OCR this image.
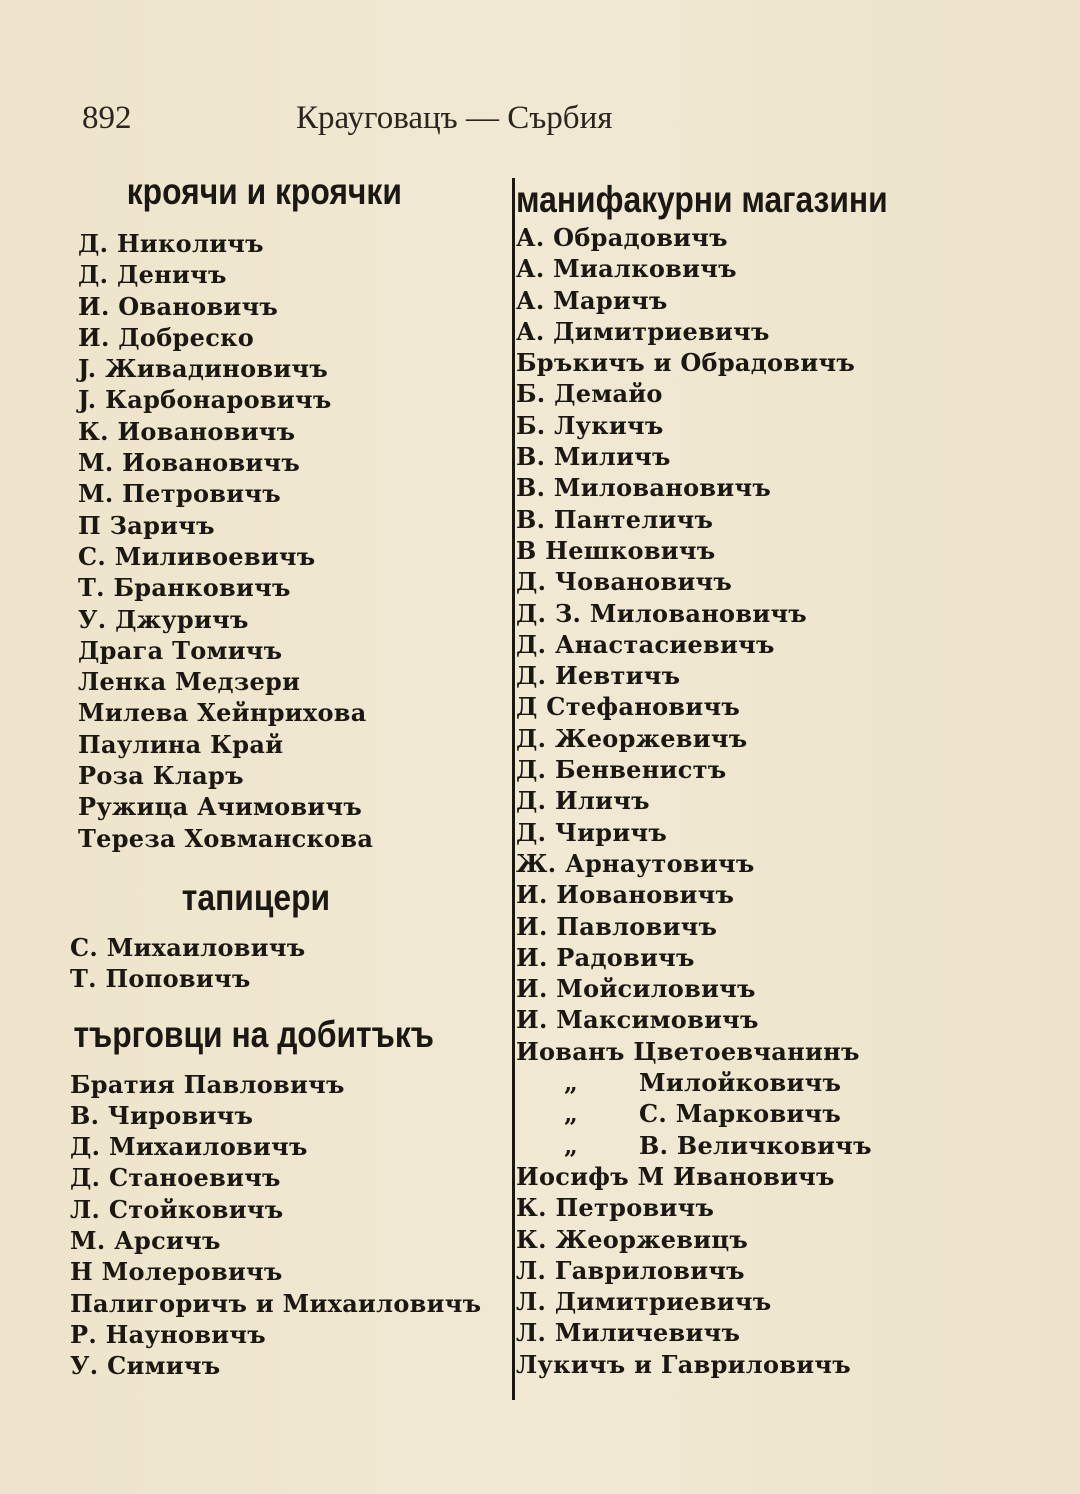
892	Крауговацъ — Сърбия
кроячи и кроячки
Д. Николичъ
Д. Деничъ
И. Овановичъ
И. Добреско
J. Живадиновичъ
J. Карбонаровичъ
К. Иовановичъ
М. Иовановичъ
М. Петровичъ
П Заричъ
С. Миливоевичъ
Т. Бранковичъ
У. Джуричъ
Драга Томичъ
Ленка Медзери
Милева Хейнрихова
Паулина Край
Роза Кларъ
Ружица Ачимовичъ
Тереза Ховманскова
тапицери
С. Михаиловичъ
Т. Поповичъ
търговци на добитъкъ
Братия Павловичъ
В. Чировичъ
Д. Михаиловичъ
Д. Станоевичъ
Л. Стойковичъ
М. Арсичъ
Н Молеровичъ
Палигоричъ и Михаиловичъ
Р. Науновичъ
У. Симичъ
манифакурни магазини
А. Обрадовичъ
А. Миалковичъ
А. Маричъ
А. Димитриевичъ
Бръкичъ и Обрадовичъ
Б. Демайо
Б. Лукичъ
В. Миличъ
В. Миловановичъ
В. Пантеличъ
В Нешковичъ
Д. Човановичъ
Д. З. Миловановичъ
Д. Анастасиевичъ
Д. Иевтичъ
Д Стефановичъ
Д. Жеоржевичъ
Д. Бенвенистъ
Д. Иличъ
Д. Чиричъ
Ж. Арнаутовичъ
И. Иовановичъ
И. Павловичъ
И. Радовичъ
И. Мойсиловичъ
И. Максимовичъ
Иованъ Цветоевчанинъ
„	Милойковичъ
„	С. Марковичъ
„	В. Величковичъ
Иосифъ М Ивановичъ
К. Петровичъ
К. Жеоржевицъ
Л. Гавриловичъ
Л. Димитриевичъ
Л. Миличевичъ
Лукичъ и Гавриловичъ
